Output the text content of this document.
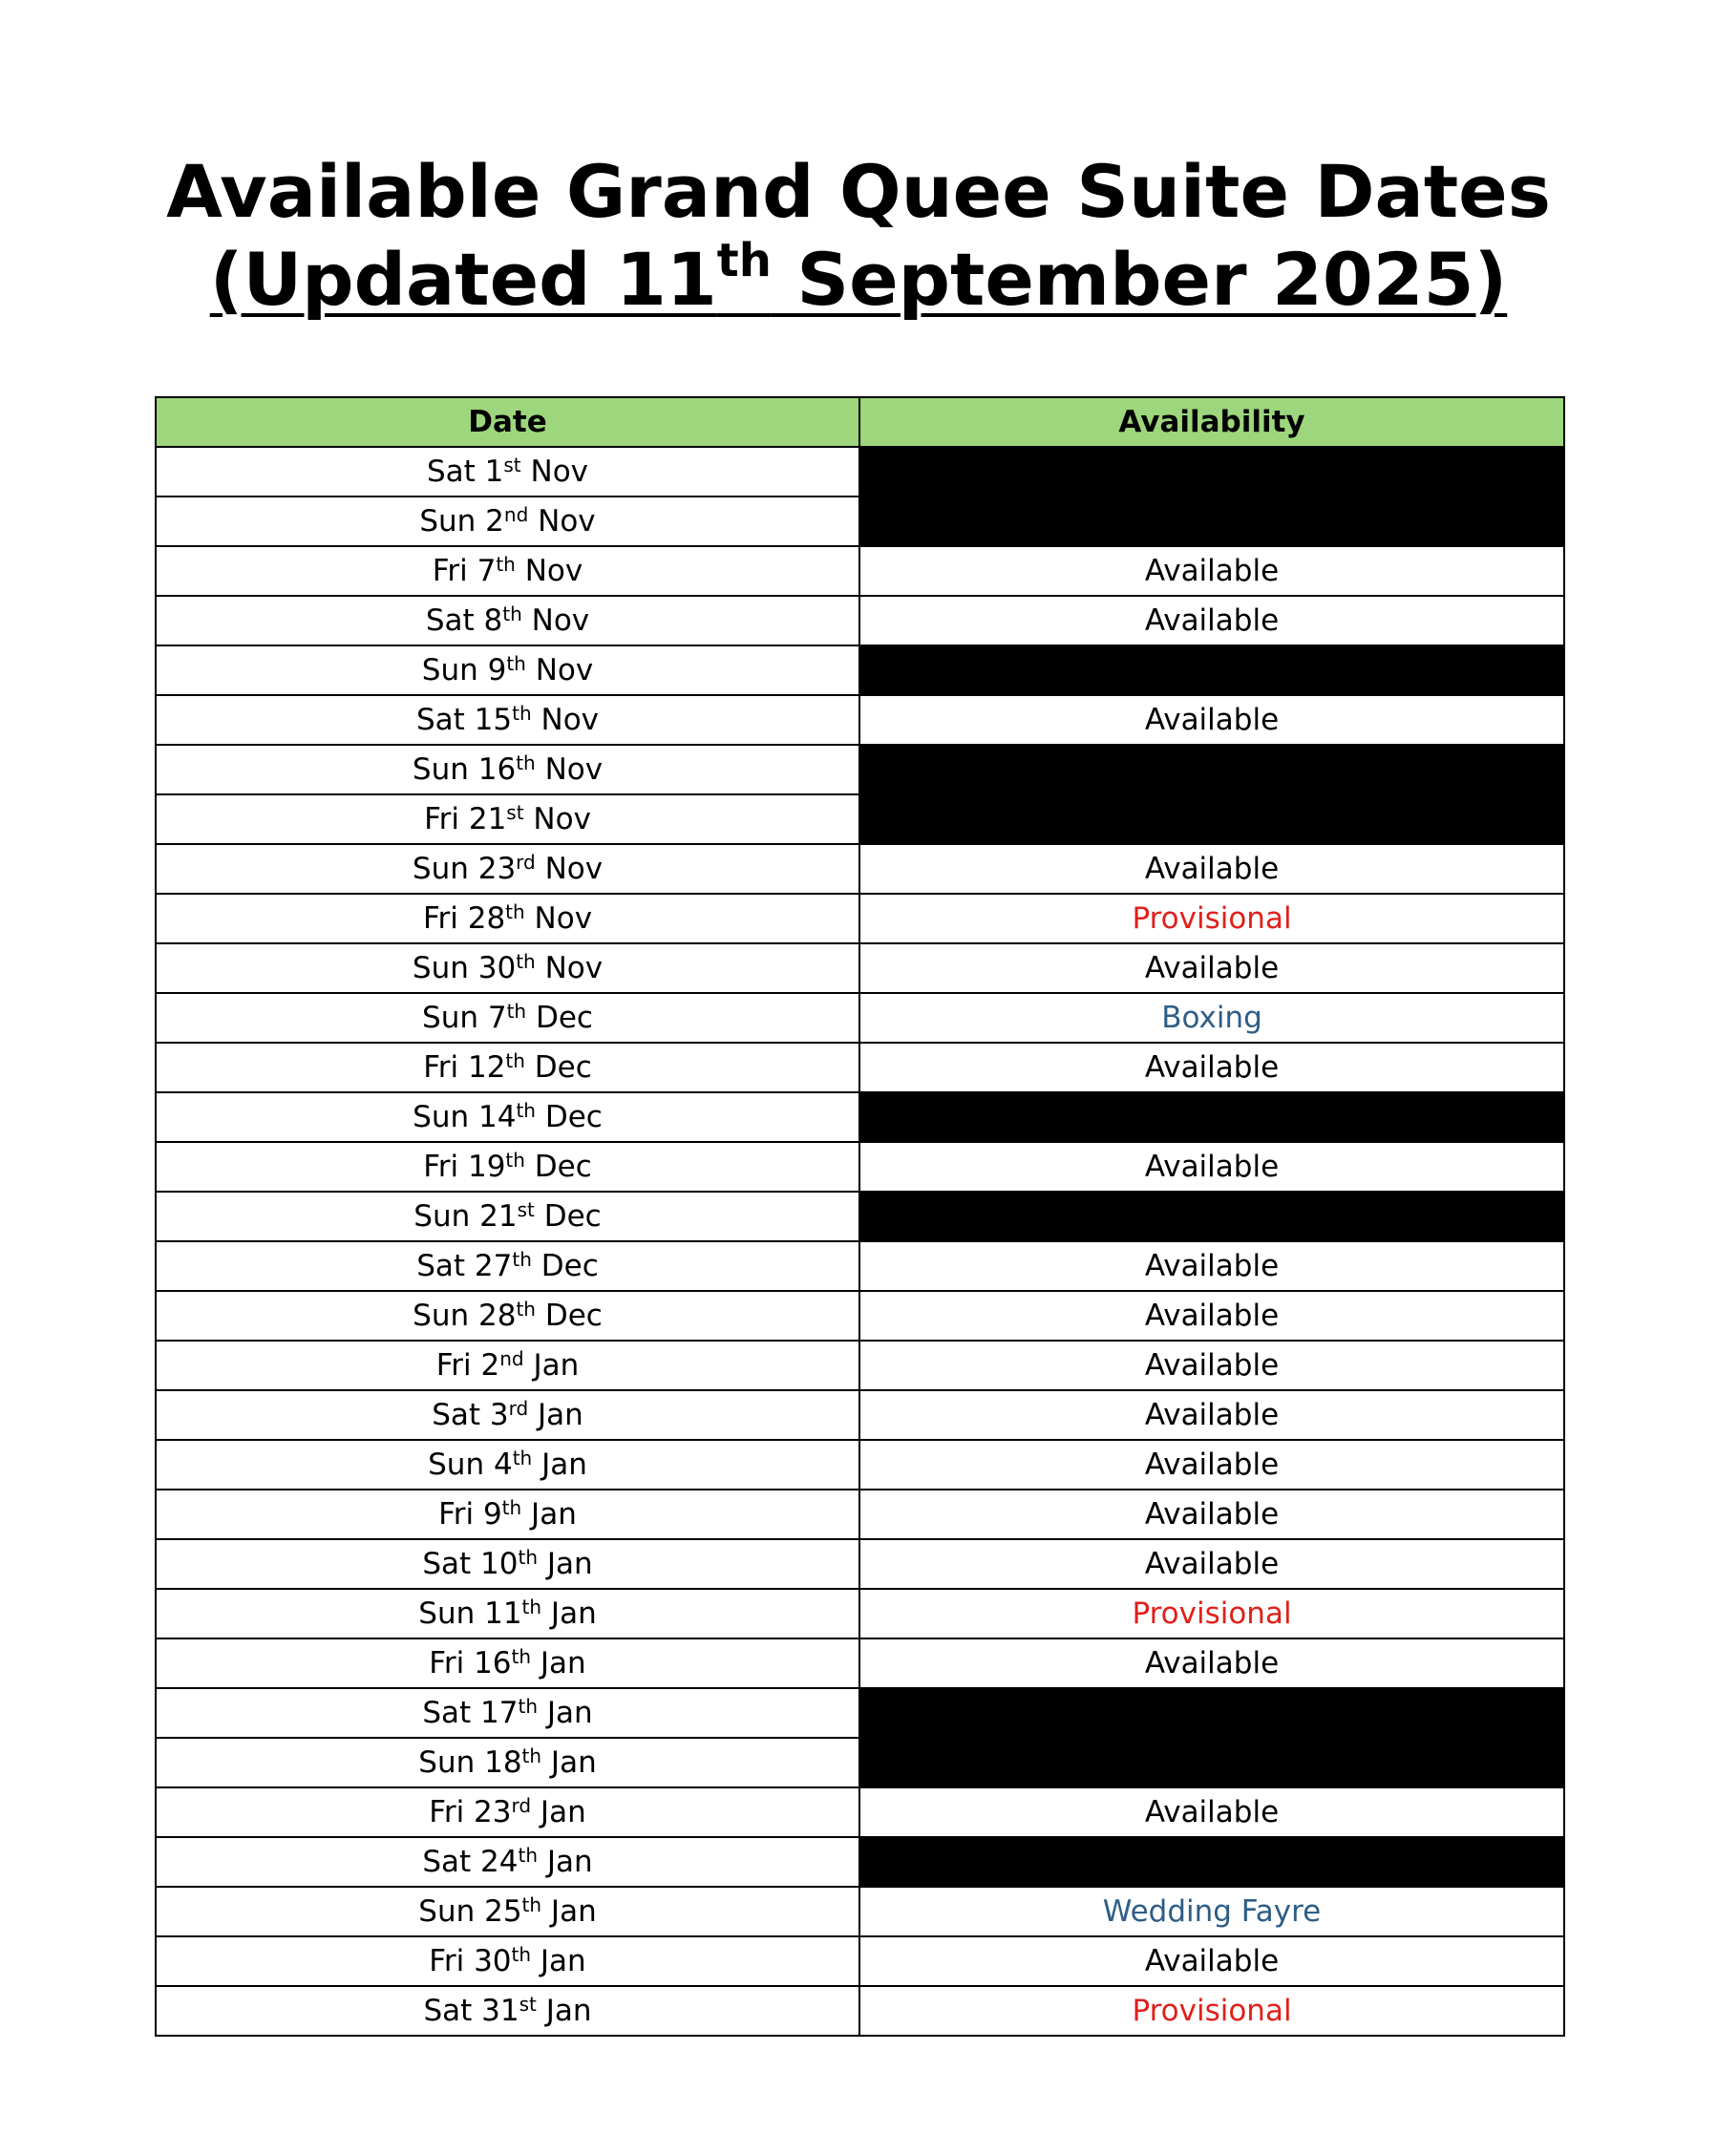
Available Grand Quee Suite Dates
(Updated 11th September 2025)
Date	Availability
Sat 1st Nov	
Sun 2nd Nov	
Fri 7th Nov	Available
Sat 8th Nov	Available
Sun 9th Nov	
Sat 15th Nov	Available
Sun 16th Nov	
Fri 21st Nov	
Sun 23rd Nov	Available
Fri 28th Nov	Provisional
Sun 30th Nov	Available
Sun 7th Dec	Boxing
Fri 12th Dec	Available
Sun 14th Dec	
Fri 19th Dec	Available
Sun 21st Dec	
Sat 27th Dec	Available
Sun 28th Dec	Available
Fri 2nd Jan	Available
Sat 3rd Jan	Available
Sun 4th Jan	Available
Fri 9th Jan	Available
Sat 10th Jan	Available
Sun 11th Jan	Provisional
Fri 16th Jan	Available
Sat 17th Jan	
Sun 18th Jan	
Fri 23rd Jan	Available
Sat 24th Jan	
Sun 25th Jan	Wedding Fayre
Fri 30th Jan	Available
Sat 31st Jan	Provisional
